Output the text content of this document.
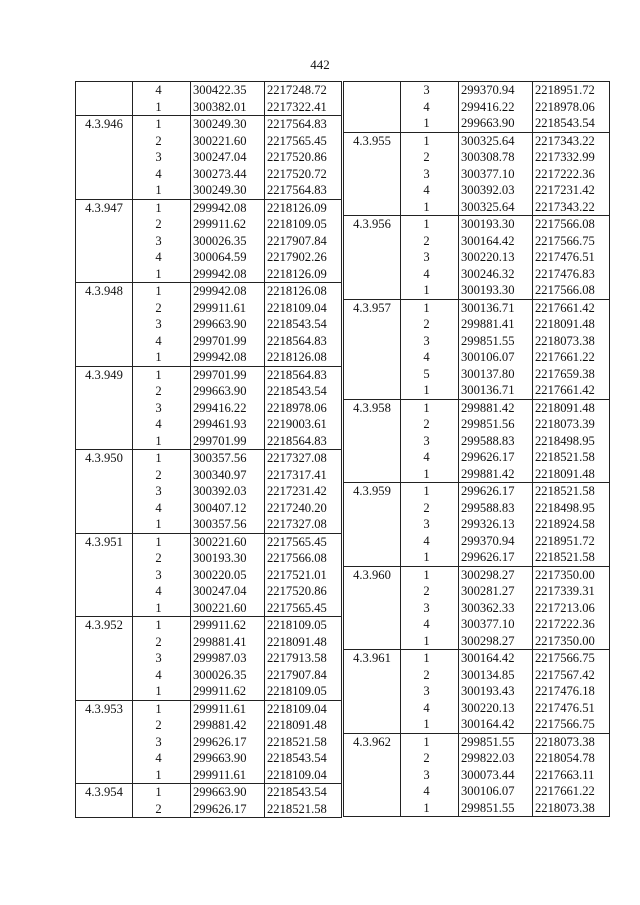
442
	4	300422.35	2217248.72
	1	300382.01	2217322.41
4.3.946	1	300249.30	2217564.83
	2	300221.60	2217565.45
	3	300247.04	2217520.86
	4	300273.44	2217520.72
	1	300249.30	2217564.83
4.3.947	1	299942.08	2218126.09
	2	299911.62	2218109.05
	3	300026.35	2217907.84
	4	300064.59	2217902.26
	1	299942.08	2218126.09
4.3.948	1	299942.08	2218126.08
	2	299911.61	2218109.04
	3	299663.90	2218543.54
	4	299701.99	2218564.83
	1	299942.08	2218126.08
4.3.949	1	299701.99	2218564.83
	2	299663.90	2218543.54
	3	299416.22	2218978.06
	4	299461.93	2219003.61
	1	299701.99	2218564.83
4.3.950	1	300357.56	2217327.08
	2	300340.97	2217317.41
	3	300392.03	2217231.42
	4	300407.12	2217240.20
	1	300357.56	2217327.08
4.3.951	1	300221.60	2217565.45
	2	300193.30	2217566.08
	3	300220.05	2217521.01
	4	300247.04	2217520.86
	1	300221.60	2217565.45
4.3.952	1	299911.62	2218109.05
	2	299881.41	2218091.48
	3	299987.03	2217913.58
	4	300026.35	2217907.84
	1	299911.62	2218109.05
4.3.953	1	299911.61	2218109.04
	2	299881.42	2218091.48
	3	299626.17	2218521.58
	4	299663.90	2218543.54
	1	299911.61	2218109.04
4.3.954	1	299663.90	2218543.54
	2	299626.17	2218521.58
	3	299370.94	2218951.72
	4	299416.22	2218978.06
	1	299663.90	2218543.54
4.3.955	1	300325.64	2217343.22
	2	300308.78	2217332.99
	3	300377.10	2217222.36
	4	300392.03	2217231.42
	1	300325.64	2217343.22
4.3.956	1	300193.30	2217566.08
	2	300164.42	2217566.75
	3	300220.13	2217476.51
	4	300246.32	2217476.83
	1	300193.30	2217566.08
4.3.957	1	300136.71	2217661.42
	2	299881.41	2218091.48
	3	299851.55	2218073.38
	4	300106.07	2217661.22
	5	300137.80	2217659.38
	1	300136.71	2217661.42
4.3.958	1	299881.42	2218091.48
	2	299851.56	2218073.39
	3	299588.83	2218498.95
	4	299626.17	2218521.58
	1	299881.42	2218091.48
4.3.959	1	299626.17	2218521.58
	2	299588.83	2218498.95
	3	299326.13	2218924.58
	4	299370.94	2218951.72
	1	299626.17	2218521.58
4.3.960	1	300298.27	2217350.00
	2	300281.27	2217339.31
	3	300362.33	2217213.06
	4	300377.10	2217222.36
	1	300298.27	2217350.00
4.3.961	1	300164.42	2217566.75
	2	300134.85	2217567.42
	3	300193.43	2217476.18
	4	300220.13	2217476.51
	1	300164.42	2217566.75
4.3.962	1	299851.55	2218073.38
	2	299822.03	2218054.78
	3	300073.44	2217663.11
	4	300106.07	2217661.22
	1	299851.55	2218073.38
